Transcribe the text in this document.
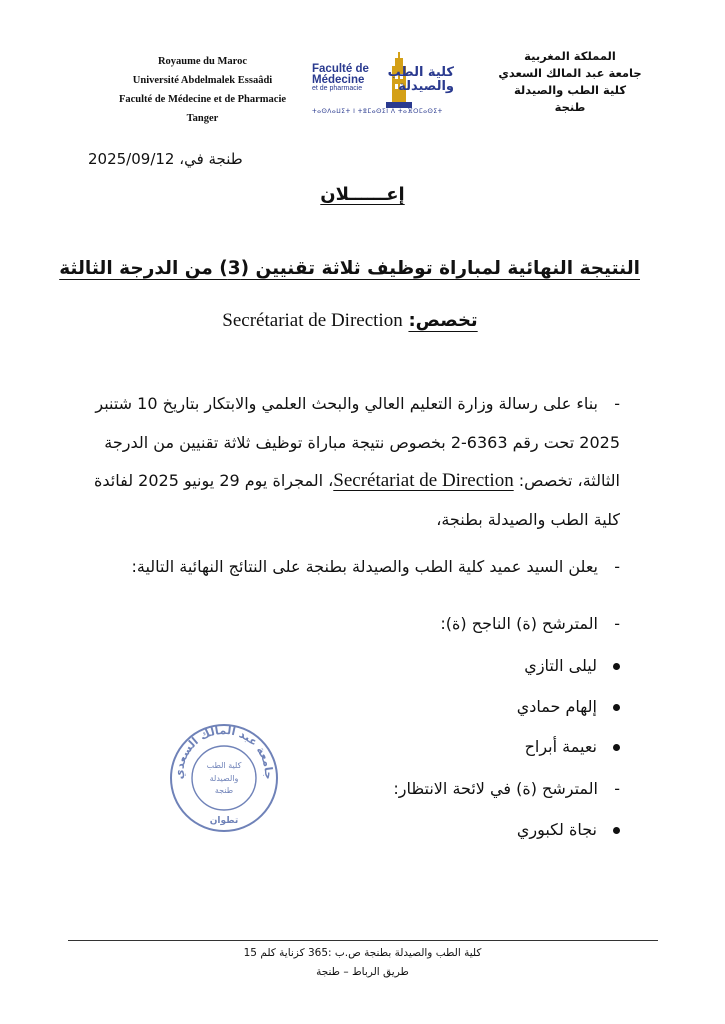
Royaume du Maroc
Université Abdelmalek Essaâdi
Faculté de Médecine et de Pharmacie
Tanger
Faculté de
Médecine
et de pharmacie
كلية الطب
والصيدلة
ⵜⴰⵙⴷⴰⵡⵉⵜ ⵏ ⵜⴻⵎⴰⵙⵉⵏ ⴷ ⵜⴰⴼⵔⵎⴰⵙⵉⵜ
المملكة المغربية
جامعة عبد المالك السعدي
كلية الطب والصيدلة
طنجة
طنجة في، 2025/09/12
إعــــــلان
النتيجة النهائية لمباراة توظيف ثلاثة تقنيين (3) من الدرجة الثالثة
تخصص: Secrétariat de Direction
-بناء على رسالة وزارة التعليم العالي والبحث العلمي والابتكار بتاريخ 10 شتنبر 2025 تحت رقم 6363-2 بخصوص نتيجة مباراة توظيف ثلاثة تقنيين من الدرجة الثالثة، تخصص: Secrétariat de Direction، المجراة يوم 29 يونيو 2025 لفائدة كلية الطب والصيدلة بطنجة،
-يعلن السيد عميد كلية الطب والصيدلة بطنجة على النتائج النهائية التالية:
-المترشح (ة) الناجح (ة):
ليلى التازي
إلهام حمادي
نعيمة أبراح
-المترشح (ة) في لائحة الانتظار:
نجاة لكبوري
جامعة عبد المالك السعدي
كلية الطب
والصيدلة
طنجة
تطوان
كلية الطب والصيدلة بطنجة ص.ب :365 كزناية كلم 15
طريق الرباط – طنجة
